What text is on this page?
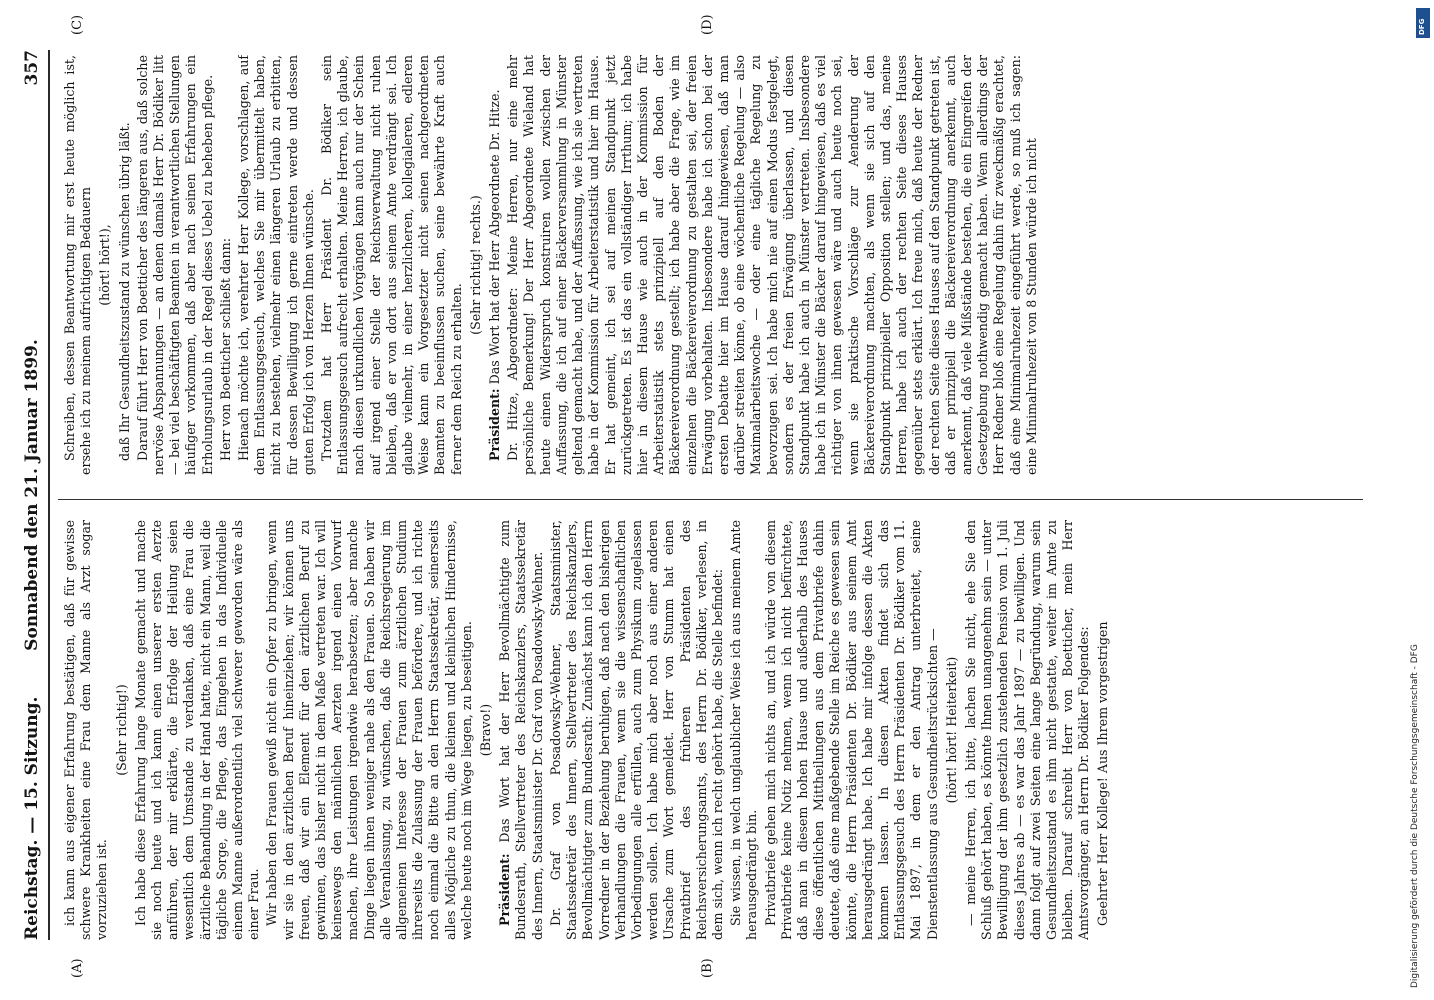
Reichstag. — 15. Sitzung.
Sonnabend den 21. Januar 1899.
357
(A)	(B)
(C)	(D)

ich kann aus eigener Erfahrung bestätigen, daß für gewisse schwere Krankheiten eine Frau dem Manne als Arzt sogar vorzuziehen ist.

(Sehr richtig!) Ich habe diese Erfahrung lange Monate gemacht und mache sie noch heute und ich kann einen unserer ersten Aerzte anführen, der mir erklärte, die Erfolge der Heilung seien wesentlich dem Umstande zu verdanken, daß eine Frau die ärztliche Behandlung in der Hand hatte, nicht ein Mann, weil die tägliche Sorge, die Pflege, das Eingehen in das Individuelle einem Manne außerordentlich viel schwerer geworden wäre als einer Frau. Wir haben den Frauen gewiß nicht ein Opfer zu bringen, wenn wir sie in den ärztlichen Beruf hineinziehen; wir können uns freuen, daß wir ein Element für den ärztlichen Beruf zu gewinnen, das bisher nicht in dem Maße vertreten war. Ich will keineswegs den männlichen Aerzten irgend einen Vorwurf machen, ihre Leistungen irgendwie herabsetzen; aber manche Dinge liegen ihnen weniger nahe als den Frauen. So haben wir alle Veranlassung, zu wünschen, daß die Reichsregierung im allgemeinen Interesse der Frauen zum ärztlichen Studium ihrerseits die Zulassung der Frauen befördere, und ich richte noch einmal die Bitte an den Herrn Staatssekretär, seinerseits alles Mögliche zu thun, die kleinen und kleinlichen Hindernisse, welche heute noch im Wege liegen, zu beseitigen. (Bravo!)

Präsident: Das Wort hat der Herr Bevollmächtigte zum Bundesrath, Stellvertreter des Reichskanzlers, Staatssekretär des Innern, Staatsminister Dr. Graf von Posadowsky-Wehner. Dr. Graf von Posadowsky-Wehner, Staatsminister, Staatssekretär des Innern, Stellvertreter des Reichskanzlers, Bevollmächtigter zum Bundesrath: Zunächst kann ich den Herrn Vorredner in der Beziehung beruhigen, daß nach den bisherigen Verhandlungen die Frauen, wenn sie die wissenschaftlichen Vorbedingungen alle erfüllen, auch zum Physikum zugelassen werden sollen. Ich habe mich aber noch aus einer anderen Ursache zum Wort gemeldet. Herr von Stumm hat einen Privatbrief des früheren Präsidenten des Reichsversicherungsamts, des Herrn Dr. Bödiker, verlesen, in dem sich, wenn ich recht gehört habe, die Stelle befindet: Sie wissen, in welch unglaublicher Weise ich aus meinem Amte herausgedrängt bin. Privatbriefe gehen mich nichts an, und ich würde von diesem Privatbriefe keine Notiz nehmen, wenn ich nicht befürchtete, daß man in diesem hohen Hause und außerhalb des Hauses diese öffentlichen Mittheilungen aus dem Privatbriefe dahin deutete, daß eine maßgebende Stelle im Reiche es gewesen sein könnte, die Herrn Präsidenten Dr. Bödiker aus seinem Amt herausgedrängt habe. Ich habe mir infolge dessen die Akten kommen lassen. In diesen Akten findet sich das Entlassungsgesuch des Herrn Präsidenten Dr. Bödiker vom 11. Mai 1897, in dem er den Antrag unterbreitet, seine Dienstentlassung aus Gesundheitsrücksichten — (hört! hört! Heiterkeit) — meine Herren, ich bitte, lachen Sie nicht, ehe Sie den Schluß gehört haben, es könnte Ihnen unangenehm sein — unter Bewilligung der ihm gesetzlich zustehenden Pension vom 1. Juli dieses Jahres ab — es war das Jahr 1897 — zu bewilligen. Und dann folgt auf zwei Seiten eine lange Begründung, warum sein Gesundheitszustand es ihm nicht gestatte, weiter im Amte zu bleiben. Darauf schreibt Herr von Boetticher, mein Herr Amtsvorgänger, an Herrn Dr. Bödiker Folgendes: Geehrter Herr Kollege! Aus Ihrem vorgestrigen

Schreiben, dessen Beantwortung mir erst heute möglich ist, ersehe ich zu meinem aufrichtigen Bedauern (hört! hört!), daß Ihr Gesundheitszustand zu wünschen übrig läßt. Darauf führt Herr von Boetticher des längeren aus, daß solche nervöse Abspannungen — an denen damals Herr Dr. Bödiker litt — bei viel beschäftigten Beamten in verantwortlichen Stellungen häufiger vorkommen, daß aber nach seinen Erfahrungen ein Erholungsurlaub in der Regel dieses Uebel zu beheben pflege. Herr von Boetticher schließt dann: Hienach möchte ich, verehrter Herr Kollege, vorschlagen, auf dem Entlassungsgesuch, welches Sie mir übermittelt haben, nicht zu bestehen, vielmehr einen längeren Urlaub zu erbitten, für dessen Bewilligung ich gerne eintreten werde und dessen guten Erfolg ich von Herzen Ihnen wünsche. Trotzdem hat Herr Präsident Dr. Bödiker sein Entlassungsgesuch aufrecht erhalten. Meine Herren, ich glaube, nach diesen urkundlichen Vorgängen kann auch nur der Schein auf irgend einer Stelle der Reichsverwaltung nicht ruhen bleiben, daß er von dort aus seinem Amte verdrängt sei. Ich glaube vielmehr, in einer herzlicheren, kollegialeren, edleren Weise kann ein Vorgesetzter nicht seinen nachgeordneten Beamten zu beeinflussen suchen, seine bewährte Kraft auch ferner dem Reich zu erhalten.

(Sehr richtig! rechts.)

Präsident: Das Wort hat der Herr Abgeordnete Dr. Hitze. Dr. Hitze, Abgeordneter: Meine Herren, nur eine mehr persönliche Bemerkung! Der Herr Abgeordnete Wieland hat heute einen Widerspruch konstruiren wollen zwischen der Auffassung, die ich auf einer Bäckerversammlung in Münster geltend gemacht habe, und der Auffassung, wie ich sie vertreten habe in der Kommission für Arbeiterstatistik und hier im Hause. Er hat gemeint, ich sei auf meinen Standpunkt jetzt zurückgetreten. Es ist das ein vollständiger Irrthum; ich habe hier in diesem Hause wie auch in der Kommission für Arbeiterstatistik stets prinzipiell auf den Boden der Bäckereiverordnung gestellt; ich habe aber die Frage, wie im einzelnen die Bäckereiverordnung zu gestalten sei, der freien Erwägung vorbehalten. Insbesondere habe ich schon bei der ersten Debatte hier im Hause darauf hingewiesen, daß man darüber streiten könne, ob eine wöchentliche Regelung — also Maximalarbeitswoche — oder eine tägliche Regelung zu bevorzugen sei. Ich habe mich nie auf einen Modus festgelegt, sondern es der freien Erwägung überlassen, und diesen Standpunkt habe ich auch in Münster vertreten. Insbesondere habe ich in Münster die Bäcker darauf hingewiesen, daß es viel richtiger von ihnen gewesen wäre und auch heute noch sei, wenn sie praktische Vorschläge zur Aenderung der Bäckereiverordnung machten, als wenn sie sich auf den Standpunkt prinzipieller Opposition stellen; und das, meine Herren, habe ich auch der rechten Seite dieses Hauses gegenüber stets erklärt. Ich freue mich, daß heute der Redner der rechten Seite dieses Hauses auf den Standpunkt getreten ist, daß er prinzipiell die Bäckereiverordnung anerkennt, auch anerkennt, daß viele Mißstände bestehen, die ein Eingreifen der Gesetzgebung nothwendig gemacht haben. Wenn allerdings der Herr Redner bloß eine Regelung dahin für zweckmäßig erachtet, daß eine Minimalruhezeit eingeführt werde, so muß ich sagen: eine Minimalruhezeit von 8 Stunden würde ich nicht

DFG
Digitalisierung gefördert durch die Deutsche Forschungsgemeinschaft - DFG
